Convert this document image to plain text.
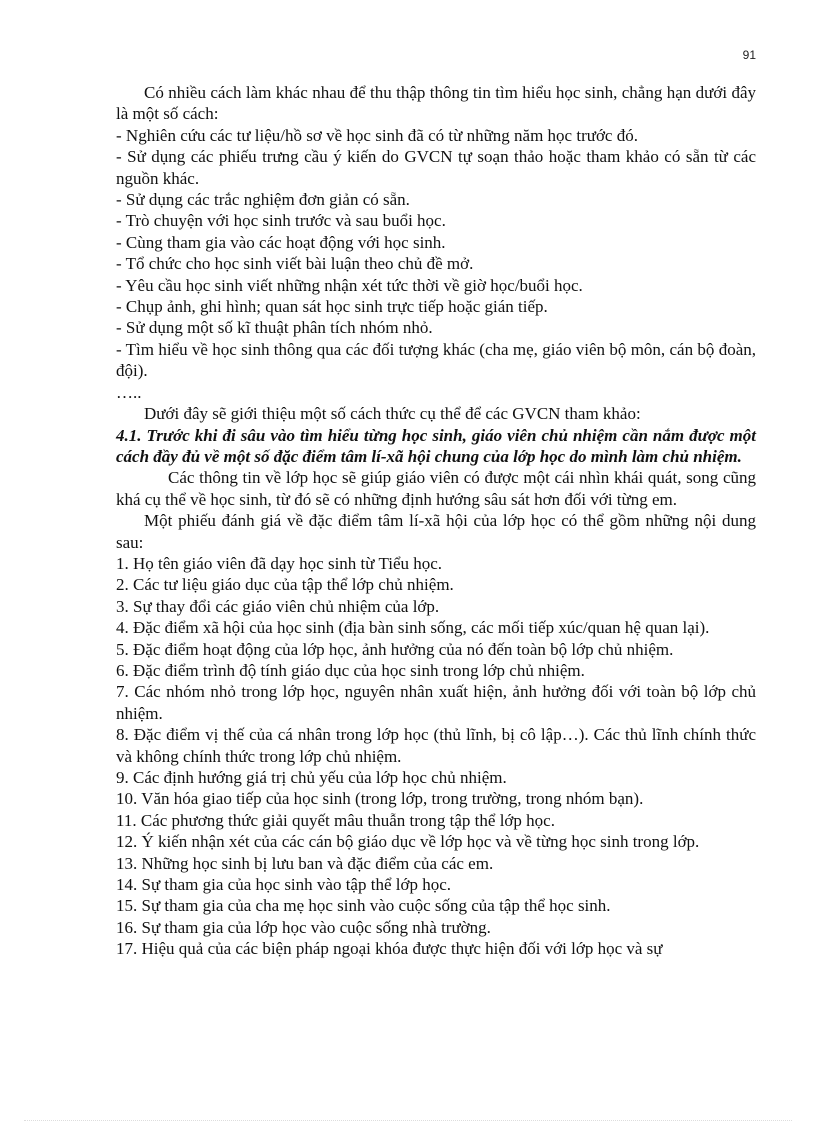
91

Có nhiều cách làm khác nhau để thu thập thông tin tìm hiểu học sinh, chẳng hạn dưới đây là một số cách:

- Nghiên cứu các tư liệu/hồ sơ về học sinh đã có từ những năm học trước đó.

- Sử dụng các phiếu trưng cầu ý kiến do GVCN tự soạn thảo hoặc tham khảo có sẵn từ các nguồn khác.

- Sử dụng các trắc nghiệm đơn giản có sẵn.

- Trò chuyện với học sinh trước và sau buổi học.

- Cùng tham gia vào các hoạt động với học sinh.

- Tổ chức cho học sinh viết bài luận theo chủ đề mở.

- Yêu cầu học sinh viết những nhận xét tức thời về giờ học/buổi học.

- Chụp ảnh, ghi hình; quan sát học sinh trực tiếp hoặc gián tiếp.

- Sử dụng một số kĩ thuật phân tích nhóm nhỏ.

- Tìm hiểu về học sinh thông qua các đối tượng khác (cha mẹ, giáo viên bộ môn, cán bộ đoàn, đội).

…..

Dưới đây sẽ giới thiệu một số cách thức cụ thể để các GVCN tham khảo:

4.1. Trước khi đi sâu vào tìm hiểu từng học sinh, giáo viên chủ nhiệm cần nắm được một cách đầy đủ về một số đặc điểm tâm lí-xã hội chung của lớp học do mình làm chủ nhiệm.

Các thông tin về lớp học sẽ giúp giáo viên có được một cái nhìn khái quát, song cũng khá cụ thể về học sinh, từ đó sẽ có những định hướng sâu sát hơn đối với từng em.

Một phiếu đánh giá về đặc điểm tâm lí-xã hội của lớp học có thể gồm những nội dung sau:

1. Họ tên giáo viên đã dạy học sinh từ Tiểu học.

2. Các tư liệu giáo dục của tập thể lớp chủ nhiệm.

3. Sự thay đổi các giáo viên chủ nhiệm của lớp.

4. Đặc điểm xã hội của học sinh (địa bàn sinh sống, các mối tiếp xúc/quan hệ quan lại).

5. Đặc điểm hoạt động của lớp học, ảnh hưởng của nó đến toàn bộ lớp chủ nhiệm.

6. Đặc điểm trình độ tính giáo dục của học sinh trong lớp chủ nhiệm.

7. Các nhóm nhỏ trong lớp học, nguyên nhân xuất hiện, ảnh hưởng đối với toàn bộ lớp chủ nhiệm.

8. Đặc điểm vị thế của cá nhân trong lớp học (thủ lĩnh, bị cô lập…). Các thủ lĩnh chính thức và không chính thức trong lớp chủ nhiệm.

9. Các định hướng giá trị chủ yếu của lớp học chủ nhiệm.

10. Văn hóa giao tiếp của học sinh (trong lớp, trong trường, trong nhóm bạn).

11. Các phương thức giải quyết mâu thuẫn trong tập thể lớp học.

12. Ý kiến nhận xét của các cán bộ giáo dục về lớp học và về từng học sinh trong lớp.

13. Những học sinh bị lưu ban và đặc điểm của các em.

14. Sự tham gia của học sinh vào tập thể lớp học.

15. Sự tham gia của cha mẹ học sinh vào cuộc sống của tập thể học sinh.

16. Sự tham gia của lớp học vào cuộc sống nhà trường.

17. Hiệu quả của các biện pháp ngoại khóa được thực hiện đối với lớp học và sự
